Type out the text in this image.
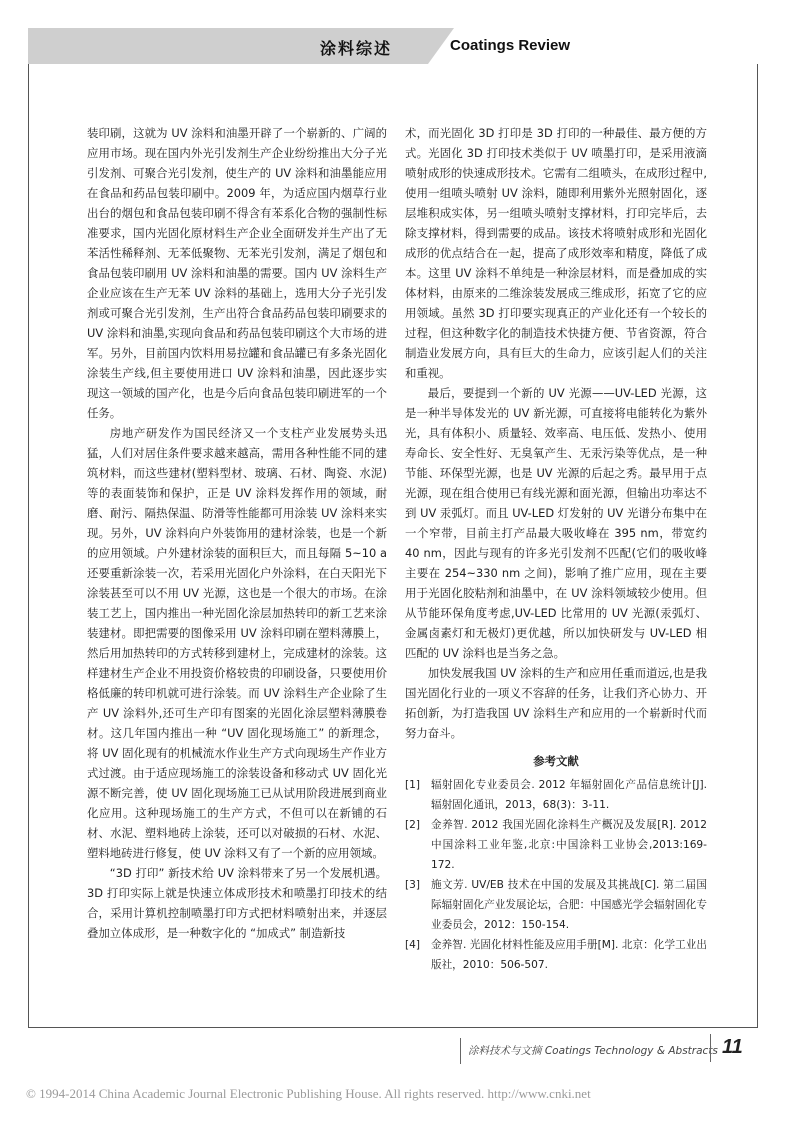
涂料综述	Coatings Review

装印刷，这就为 UV 涂料和油墨开辟了一个崭新的、广阔的应用市场。现在国内外光引发剂生产企业纷纷推出大分子光引发剂、可聚合光引发剂，使生产的 UV 涂料和油墨能应用在食品和药品包装印刷中。2009 年，为适应国内烟草行业出台的烟包和食品包装印刷不得含有苯系化合物的强制性标准要求，国内光固化原材料生产企业全面研发并生产出了无苯活性稀释剂、无苯低聚物、无苯光引发剂，满足了烟包和食品包装印刷用 UV 涂料和油墨的需要。国内 UV 涂料生产企业应该在生产无苯 UV 涂料的基础上，选用大分子光引发剂或可聚合光引发剂，生产出符合食品药品包装印刷要求的 UV 涂料和油墨,实现向食品和药品包装印刷这个大市场的进军。另外，目前国内饮料用易拉罐和食品罐已有多条光固化涂装生产线,但主要使用进口 UV 涂料和油墨，因此逐步实现这一领域的国产化，也是今后向食品包装印刷进军的一个任务。

房地产研发作为国民经济又一个支柱产业发展势头迅猛，人们对居住条件要求越来越高，需用各种性能不同的建筑材料，而这些建材(塑料型材、玻璃、石材、陶瓷、水泥)等的表面装饰和保护，正是 UV 涂料发挥作用的领域，耐磨、耐污、隔热保温、防滑等性能都可用涂装 UV 涂料来实现。另外，UV 涂料向户外装饰用的建材涂装，也是一个新的应用领域。户外建材涂装的面积巨大，而且每隔 5~10 a 还要重新涂装一次，若采用光固化户外涂料，在白天阳光下涂装甚至可以不用 UV 光源，这也是一个很大的市场。在涂装工艺上，国内推出一种光固化涂层加热转印的新工艺来涂装建材。即把需要的图像采用 UV 涂料印刷在塑料薄膜上，然后用加热转印的方式转移到建材上，完成建材的涂装。这样建材生产企业不用投资价格较贵的印刷设备，只要使用价格低廉的转印机就可进行涂装。而 UV 涂料生产企业除了生产 UV 涂料外,还可生产印有图案的光固化涂层塑料薄膜卷材。这几年国内推出一种 “UV 固化现场施工” 的新理念，将 UV 固化现有的机械流水作业生产方式向现场生产作业方式过渡。由于适应现场施工的涂装设备和移动式 UV 固化光源不断完善，使 UV 固化现场施工已从试用阶段进展到商业化应用。这种现场施工的生产方式，不但可以在新铺的石材、水泥、塑料地砖上涂装，还可以对破损的石材、水泥、塑料地砖进行修复，使 UV 涂料又有了一个新的应用领域。

“3D 打印” 新技术给 UV 涂料带来了另一个发展机遇。3D 打印实际上就是快速立体成形技术和喷墨打印技术的结合，采用计算机控制喷墨打印方式把材料喷射出来，并逐层叠加立体成形，是一种数字化的 “加成式” 制造新技

术，而光固化 3D 打印是 3D 打印的一种最佳、最方便的方式。光固化 3D 打印技术类似于 UV 喷墨打印，是采用液滴喷射成形的快速成形技术。它需有二组喷头，在成形过程中,使用一组喷头喷射 UV 涂料，随即利用紫外光照射固化，逐层堆积成实体，另一组喷头喷射支撑材料，打印完毕后，去除支撑材料，得到需要的成品。该技术将喷射成形和光固化成形的优点结合在一起，提高了成形效率和精度，降低了成本。这里 UV 涂料不单纯是一种涂层材料，而是叠加成的实体材料，由原来的二维涂装发展成三维成形，拓宽了它的应用领域。虽然 3D 打印要实现真正的产业化还有一个较长的过程，但这种数字化的制造技术快捷方便、节省资源，符合制造业发展方向，具有巨大的生命力，应该引起人们的关注和重视。

最后，要提到一个新的 UV 光源——UV-LED 光源，这是一种半导体发光的 UV 新光源，可直接将电能转化为紫外光，具有体积小、质量轻、效率高、电压低、发热小、使用寿命长、安全性好、无臭氧产生、无汞污染等优点，是一种节能、环保型光源，也是 UV 光源的后起之秀。最早用于点光源，现在组合使用已有线光源和面光源，但输出功率达不到 UV 汞弧灯。而且 UV-LED 灯发射的 UV 光谱分布集中在一个窄带，目前主打产品最大吸收峰在 395 nm，带宽约 40 nm，因此与现有的许多光引发剂不匹配(它们的吸收峰主要在 254~330 nm 之间)，影响了推广应用，现在主要用于光固化胶粘剂和油墨中，在 UV 涂料领域较少使用。但从节能环保角度考虑,UV-LED 比常用的 UV 光源(汞弧灯、金属卤素灯和无极灯)更优越，所以加快研发与 UV-LED 相匹配的 UV 涂料也是当务之急。

加快发展我国 UV 涂料的生产和应用任重而道远,也是我国光固化行业的一项义不容辞的任务，让我们齐心协力、开拓创新，为打造我国 UV 涂料生产和应用的一个崭新时代而努力奋斗。

参考文献
[1]	辐射固化专业委员会. 2012 年辐射固化产品信息统计[J]. 辐射固化通讯，2013，68(3)：3-11.
[2]	金养智. 2012 我国光固化涂料生产概况及发展[R]. 2012 中国涂料工业年鉴,北京:中国涂料工业协会,2013:169-172.
[3]	施文芳. UV/EB 技术在中国的发展及其挑战[C]. 第二届国际辐射固化产业发展论坛，合肥：中国感光学会辐射固化专业委员会，2012：150-154.
[4]	金养智. 光固化材料性能及应用手册[M]. 北京：化学工业出版社，2010：506-507.
涂料技术与文摘 Coatings Technology & Abstracts 11
© 1994-2014 China Academic Journal Electronic Publishing House. All rights reserved. http://www.cnki.net
